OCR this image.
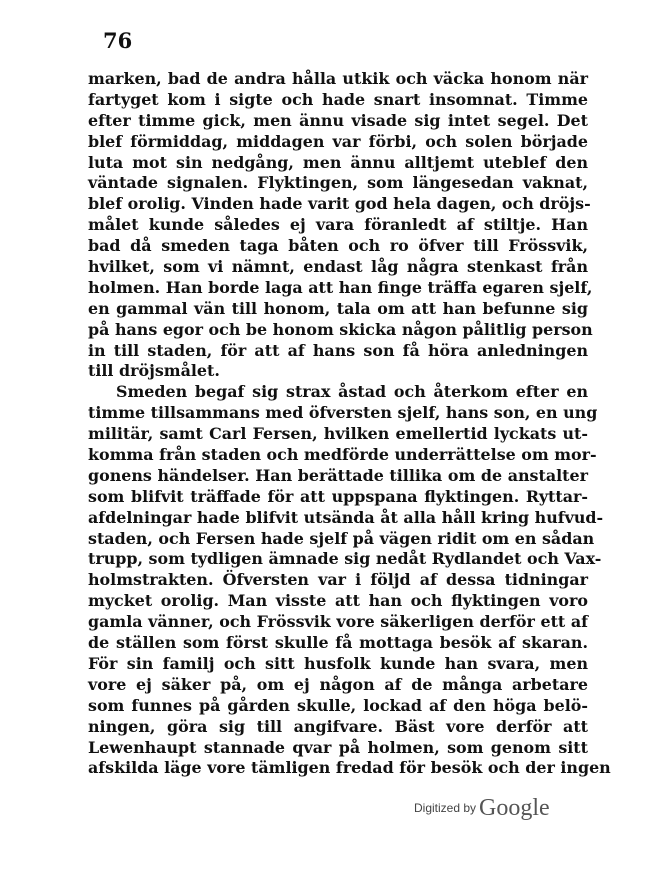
76
marken, bad de andra hålla utkik och väcka honom när
fartyget kom i sigte och hade snart insomnat. Timme
efter timme gick, men ännu visade sig intet segel. Det
blef förmiddag, middagen var förbi, och solen började
luta mot sin nedgång, men ännu alltjemt uteblef den
väntade signalen. Flyktingen, som längesedan vaknat,
blef orolig. Vinden hade varit god hela dagen, och dröjs-
målet kunde således ej vara föranledt af stiltje. Han
bad då smeden taga båten och ro öfver till Frössvik,
hvilket, som vi nämnt, endast låg några stenkast från
holmen. Han borde laga att han finge träffa egaren sjelf,
en gammal vän till honom, tala om att han befunne sig
på hans egor och be honom skicka någon pålitlig person
in till staden, för att af hans son få höra anledningen
till dröjsmålet.
Smeden begaf sig strax åstad och återkom efter en
timme tillsammans med öfversten sjelf, hans son, en ung
militär, samt Carl Fersen, hvilken emellertid lyckats ut-
komma från staden och medförde underrättelse om mor-
gonens händelser. Han berättade tillika om de anstalter
som blifvit träffade för att uppspana flyktingen. Ryttar-
afdelningar hade blifvit utsända åt alla håll kring hufvud-
staden, och Fersen hade sjelf på vägen ridit om en sådan
trupp, som tydligen ämnade sig nedåt Rydlandet och Vax-
holmstrakten. Öfversten var i följd af dessa tidningar
mycket orolig. Man visste att han och flyktingen voro
gamla vänner, och Frössvik vore säkerligen derför ett af
de ställen som först skulle få mottaga besök af skaran.
För sin familj och sitt husfolk kunde han svara, men
vore ej säker på, om ej någon af de många arbetare
som funnes på gården skulle, lockad af den höga belö-
ningen, göra sig till angifvare. Bäst vore derför att
Lewenhaupt stannade qvar på holmen, som genom sitt
afskilda läge vore tämligen fredad för besök och der ingen
Digitized by Google
